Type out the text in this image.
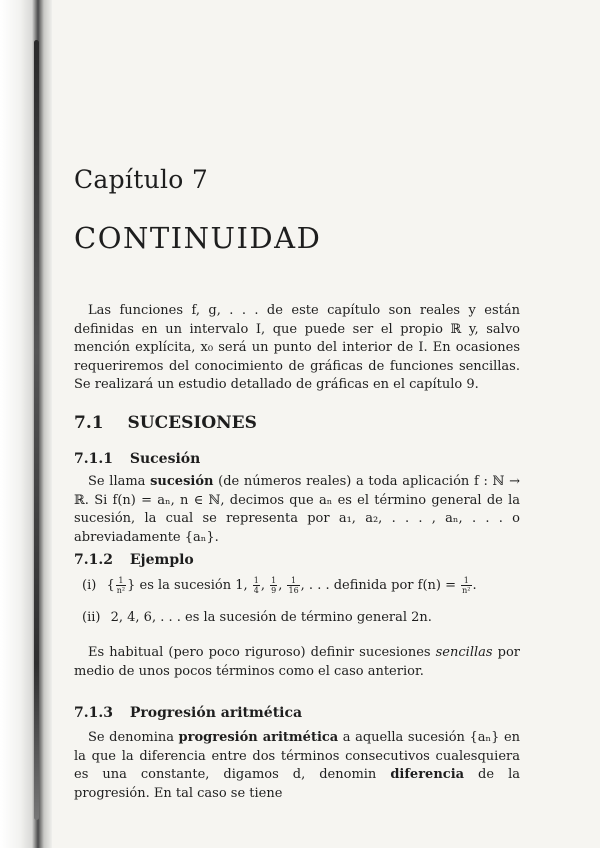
Capítulo 7
CONTINUIDAD
Las funciones f, g, . . . de este capítulo son reales y están definidas en un intervalo I, que puede ser el propio ℝ y, salvo mención explícita, x₀ será un punto del interior de I. En ocasiones requeriremos del conocimiento de gráficas de funciones sencillas. Se realizará un estudio detallado de gráficas en el capítulo 9.
7.1 SUCESIONES
7.1.1 Sucesión
Se llama sucesión (de números reales) a toda aplicación f : ℕ → ℝ. Si f(n) = aₙ, n ∈ ℕ, decimos que aₙ es el término general de la sucesión, la cual se representa por a₁, a₂, . . . , aₙ, . . . o abreviadamente {aₙ}.
7.1.2 Ejemplo
(i) { $\frac{1}{\text{n²}}$ } es la sucesión 1, $\frac{1}{4}$ , $\frac{1}{9}$ , $\frac{1}{16}$ , . . . definida por $f(n) = \frac{1}{\text{n²}}$ .
(ii) 2, 4, 6, . . . es la sucesión de término general 2n.
Es habitual (pero poco riguroso) definir sucesiones sencillas por medio de unos pocos términos como el caso anterior.
7.1.3 Progresión aritmética
Se denomina progresión aritmética a aquella sucesión {aₙ} en la que la diferencia entre dos términos consecutivos cualesquiera es una constante, digamos d, denomin diferencia de la progresión. En tal caso se tiene
